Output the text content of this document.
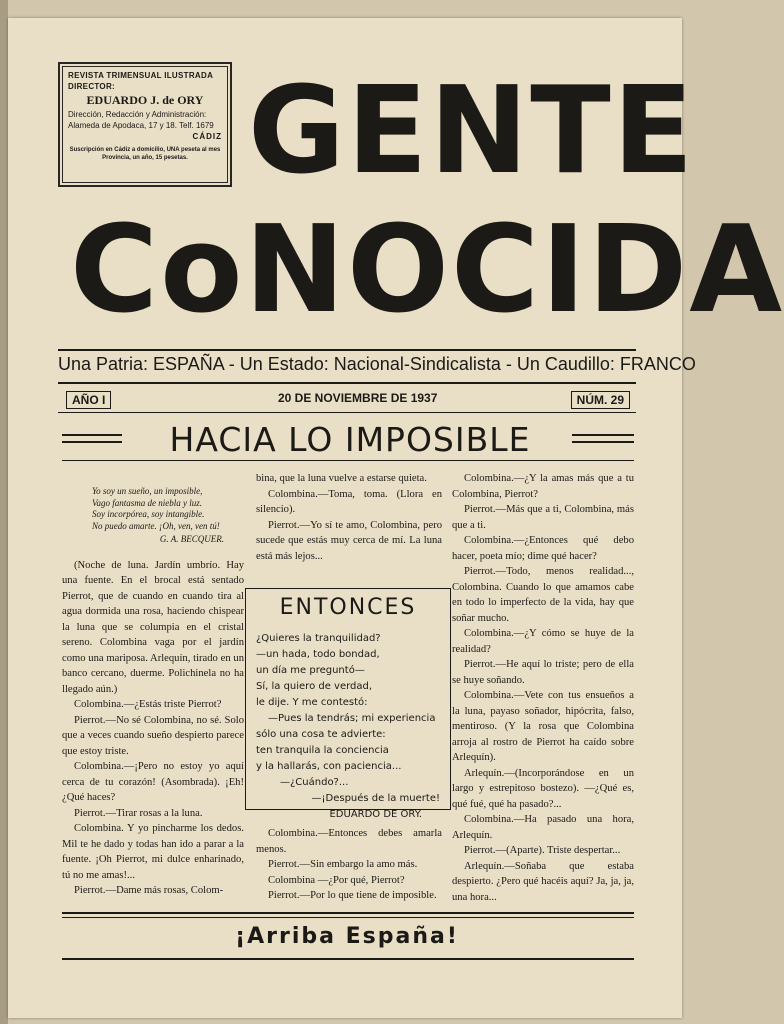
REVISTA TRIMENSUAL ILUSTRADA
DIRECTOR:
EDUARDO J. de ORY
Dirección, Redacción y Administración:
Alameda de Apodaca, 17 y 18. Telf. 1679
CÁDIZ
Suscripción en Cádiz a domicilio, UNA peseta al mes
Provincia, un año, 15 pesetas. GENTE
CoNOCIDA
Una Patria: ESPAÑA - Un Estado: Nacional-Sindicalista - Un Caudillo: FRANCO
AÑO I	20 DE NOVIEMBRE DE 1937	NÚM. 29
HACIA LO IMPOSIBLE

Yo soy un sueño, un imposible,

Vago fantasma de niebla y luz.

Soy incorpórea, soy intangible.

No puedo amarte. ¡Oh, ven, ven tú!

G. A. BECQUER.

(Noche de luna. Jardín umbrío. Hay una fuente. En el brocal está sentado Pierrot, que de cuando en cuando tira al agua dormida una rosa, haciendo chispear la luna que se columpia en el cristal sereno. Colombina vaga por el jardín como una mariposa. Arlequín, tirado en un banco cercano, duerme. Polichinela no ha llegado aún.)

Colombina.—¿Estás triste Pierrot?

Pierrot.—No sé Colombina, no sé. Solo que a veces cuando sueño despierto parece que estoy triste.

Colombina.—¡Pero no estoy yo aquí cerca de tu corazón! (Asombrada). ¡Eh! ¿Qué haces?

Pierrot.—Tirar rosas a la luna.

Colombina. Y yo pincharme los dedos. Mil te he dado y todas han ido a parar a la fuente. ¡Oh Pierrot, mi dulce enharinado, tú no me amas!...

Pierrot.—Dame más rosas, Colom-

bina, que la luna vuelve a estarse quieta.

Colombina.—Toma, toma. (Llora en silencio).

Pierrot.—Yo sí te amo, Colombina, pero sucede que estás muy cerca de mí. La luna está más lejos...

ENTONCES
¿Quieres la tranquilidad?
—un hada, todo bondad,
un día me preguntó—
Sí, la quiero de verdad,
le dije. Y me contestó:
—Pues la tendrás; mi experiencia
sólo una cosa te advierte:
ten tranquila la conciencia
y la hallarás, con paciencia...
—¿Cuándo?...
—¡Después de la muerte!
EDUARDO DE ORY.

Colombina.—Entonces debes amarla menos.

Pierrot.—Sin embargo la amo más.

Colombina —¿Por qué, Pierrot?

Pierrot.—Por lo que tiene de imposible.

Colombina.—¿Y la amas más que a tu Colombina, Pierrot?

Pierrot.—Más que a ti, Colombina, más que a ti.

Colombina.—¿Entonces qué debo hacer, poeta mío; dime qué hacer?

Pierrot.—Todo, menos realidad..., Colombina. Cuando lo que amamos cabe en todo lo imperfecto de la vida, hay que soñar mucho.

Colombina.—¿Y cómo se huye de la realidad?

Pierrot.—He aquí lo triste; pero de ella se huye soñando.

Colombina.—Vete con tus ensueños a la luna, payaso soñador, hipócrita, falso, mentiroso. (Y la rosa que Colombina arroja al rostro de Pierrot ha caído sobre Arlequín).

Arlequín.—(Incorporándose en un largo y estrepitoso bostezo). —¿Qué es, qué fué, qué ha pasado?...

Colombina.—Ha pasado una hora, Arlequín.

Pierrot.—(Aparte). Triste despertar...

Arlequín.—Soñaba que estaba despierto. ¿Pero qué hacéis aquí? Ja, ja, ja, una hora...

¡Arriba España!
